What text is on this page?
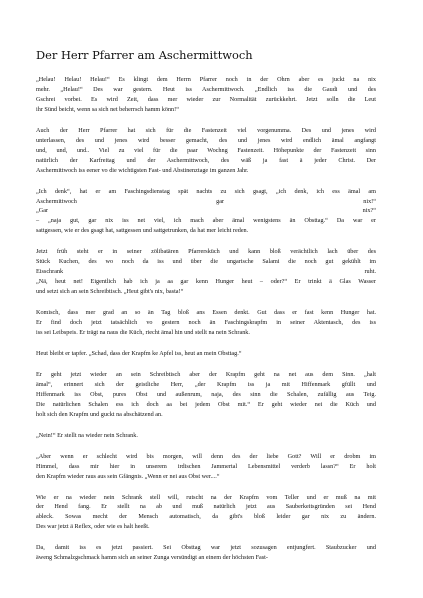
Der Herr Pfarrer am Aschermittwoch

„Helau! Helau! Helau!“ Es klingt dem Herrn Pfarrer noch in der Ohrn aber es juckt na nix
mehr. „Helau!“ Des war gestern. Heut iss Aschermittwoch. „Endlich iss die Gaudi und des
Gschrei vorbei. Es wird Zeit, dass mer wieder zur Normalität zurückkehrt. Jetzt solln die Leut
ihr Sünd beicht, wenn sa sich net beherrsch hamm könn!“

Auch der Herr Pfarrer hat sich für die Fastenzeit viel vorgenumma. Des und jenes wird
unterlassen, des und jenes wird besser gemacht, des und jenes wird endlich ämal angfangt
und, und, und.. Viel zu viel für die paar Wochng Fastenzeit. Höhepunkte der Fastenzeit sinn
natürlich der Karfreitag und der Aschermittwoch, des wäß ja fast ä jeder Christ. Der
Aschermittwoch iss eener vo die wichtigsten Fast- und Abstinenztage im ganzen Jahr.

„Ich denk“, hat er am Faschingsdienstag spät nachts zu sich gsagt, „ich denk, ich ess ämal am
Aschermittwoch gar nix!“
„Gar nix?“
– „naja gut, gar nix iss net viel, ich mach aber ämal wenigstens än Obsttag.“ Da war er
sattgessen, wie er des gsagt hat, sattgessen und sattgetrunken, da hat mer leicht reden.

Jetzt früh steht er in seiner zölibatären Pfarrersküch und kann bloß verächtlich lach über des
Stück Kuchen, des wo noch da iss und über die ungarische Salami die noch gut gekühlt im
Eisschrank ruht.
„Nä, heut net! Eigentlich hab ich ja aa gar kenn Hunger heut – oder?“ Er trinkt ä Glas Wasser
und setzt sich an sein Schreibtisch. „Heut gibt's nix, basta!“

Komisch, dass mer grad an so än Tag bloß ans Essen denkt. Gut dass er fast kenn Hunger hat.
Er find doch jetzt tatsächlich vo gestern noch än Faschingskrapfm in seiner Aktentasch, des iss
iss sei Leibspeis. Er trägt na naus die Küch, riecht ämal hin und stellt na nein Schrank.

Heut bleibt er tapfer. „Schad, dass der Krapfm ke Apfel iss, heut an mein Obsttag.“

Er geht jetzt wieder an sein Schreibtisch aber der Krapfm geht na net aus dem Sinn. „halt
ämal“, erinnert sich der geistliche Herr, „der Krapfm iss ja mit Hiffenmark gfüllt und
Hiffenmark iss Obst, pures Obst und außenrum, naja, des sinn die Schalen, zufällig aus Teig.
Die natürlichen Schalen ess ich doch aa bei jedem Obst mit.“ Er geht wieder nei die Küch und
holt sich den Krapfm und guckt na abschätzend an.

„Nein!“ Er stellt na wieder nein Schrank.

„Aber wenn er schlecht wird bis morgen, will denn des der liebe Gott? Will er drobm im
Himmel, dass mir hier in unserem irdischen Jammertal Lebensmittel verderb lassn?“ Er holt
den Krapfm wieder raus aus sein Gfängnis. „Wenn er nei aus Obst wer....“

Wie er na wieder nein Schrank stell will, rutscht na der Krapfm vom Teller und er muß na mit
der Hend fang. Er stellt na ab und muß natürlich jetzt aus Sauberkeitsgründen sei Hend
ableck. Sowas mecht der Mensch automatisch, da gibt's bloß leider gar nix zu ändern.
Des war jetzt ä Reflex, oder wie es halt heeßt.

Da, damit iss es jetzt passiert. Sei Obsttag war jetzt sozusagen entjungfert. Staubzucker und
äweng Schmalzgschmack hamm sich an seiner Zunga versündigt an einem der höchsten Fast-
